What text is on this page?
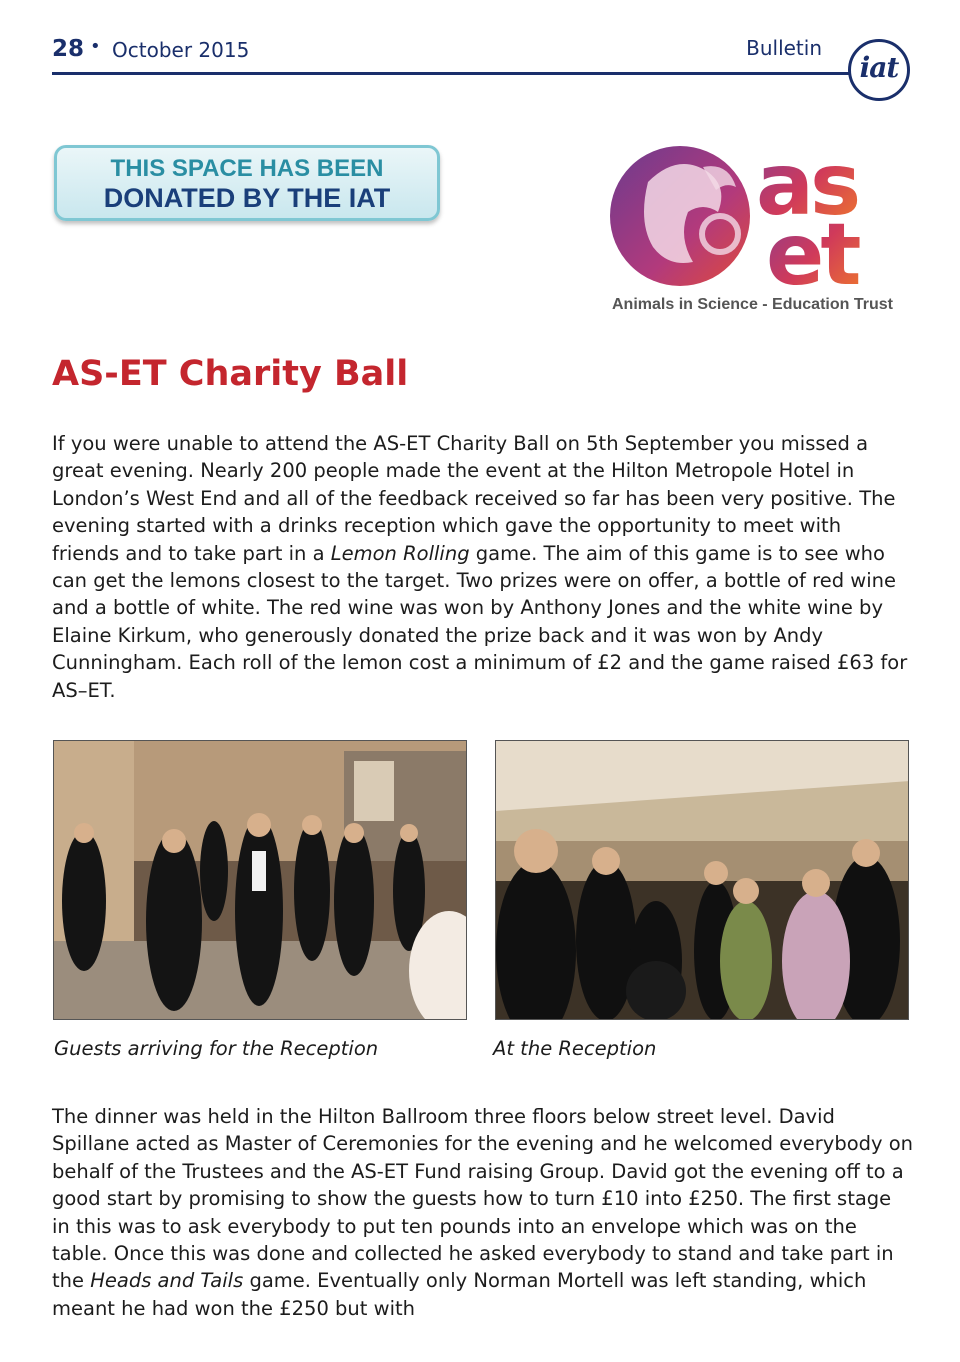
28 • October 2015	Bulletin
iat
THIS SPACE HAS BEEN
DONATED BY THE IAT	as
et
Animals in Science - Education Trust
AS-ET Charity Ball

If you were unable to attend the AS-ET Charity Ball on 5th September you missed a great evening. Nearly 200 people made the event at the Hilton Metropole Hotel in London’s West End and all of the feedback received so far has been very positive. The evening started with a drinks reception which gave the opportunity to meet with friends and to take part in a Lemon Rolling game. The aim of this game is to see who can get the lemons closest to the target. Two prizes were on offer, a bottle of red wine and a bottle of white. The red wine was won by Anthony Jones and the white wine by Elaine Kirkum, who generously donated the prize back and it was won by Andy Cunningham. Each roll of the lemon cost a minimum of £2 and the game raised £63 for AS–ET.

Guests arriving for the Reception	At the Reception

The dinner was held in the Hilton Ballroom three floors below street level. David Spillane acted as Master of Ceremonies for the evening and he welcomed everybody on behalf of the Trustees and the AS-ET Fund raising Group. David got the evening off to a good start by promising to show the guests how to turn £10 into £250. The first stage in this was to ask everybody to put ten pounds into an envelope which was on the table. Once this was done and collected he asked everybody to stand and take part in the Heads and Tails game. Eventually only Norman Mortell was left standing, which meant he had won the £250 but with
